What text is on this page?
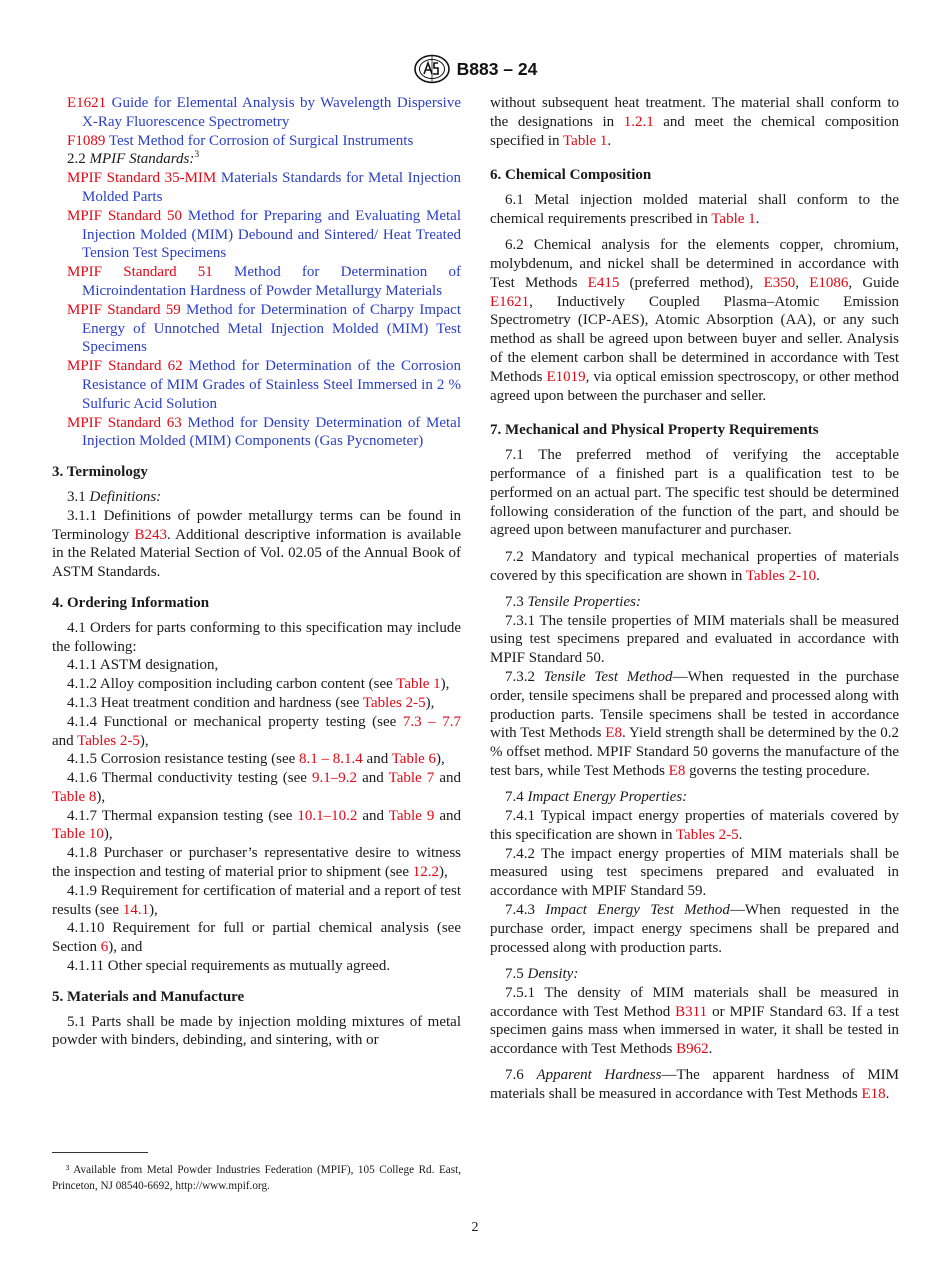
B883 – 24

E1621 Guide for Elemental Analysis by Wavelength Dispersive X-Ray Fluorescence Spectrometry

F1089 Test Method for Corrosion of Surgical Instruments

2.2 MPIF Standards:$^3$

MPIF Standard 35-MIM Materials Standards for Metal Injection Molded Parts

MPIF Standard 50 Method for Preparing and Evaluating Metal Injection Molded (MIM) Debound and Sintered/ Heat Treated Tension Test Specimens

MPIF Standard 51 Method for Determination of Microindentation Hardness of Powder Metallurgy Materials

MPIF Standard 59 Method for Determination of Charpy Impact Energy of Unnotched Metal Injection Molded (MIM) Test Specimens

MPIF Standard 62 Method for Determination of the Corrosion Resistance of MIM Grades of Stainless Steel Immersed in 2 % Sulfuric Acid Solution

MPIF Standard 63 Method for Density Determination of Metal Injection Molded (MIM) Components (Gas Pycnometer)

3. Terminology

3.1 Definitions:

3.1.1 Definitions of powder metallurgy terms can be found in Terminology B243. Additional descriptive information is available in the Related Material Section of Vol. 02.05 of the Annual Book of ASTM Standards.

4. Ordering Information

4.1 Orders for parts conforming to this specification may include the following:

4.1.1 ASTM designation,

4.1.2 Alloy composition including carbon content (see Table 1),

4.1.3 Heat treatment condition and hardness (see Tables 2-5),

4.1.4 Functional or mechanical property testing (see 7.3 – 7.7 and Tables 2-5),

4.1.5 Corrosion resistance testing (see 8.1 – 8.1.4 and Table 6),

4.1.6 Thermal conductivity testing (see 9.1–9.2 and Table 7 and Table 8),

4.1.7 Thermal expansion testing (see 10.1–10.2 and Table 9 and Table 10),

4.1.8 Purchaser or purchaser’s representative desire to witness the inspection and testing of material prior to shipment (see 12.2),

4.1.9 Requirement for certification of material and a report of test results (see 14.1),

4.1.10 Requirement for full or partial chemical analysis (see Section 6), and

4.1.11 Other special requirements as mutually agreed.

5. Materials and Manufacture

5.1 Parts shall be made by injection molding mixtures of metal powder with binders, debinding, and sintering, with or

without subsequent heat treatment. The material shall conform to the designations in 1.2.1 and meet the chemical composition specified in Table 1.

6. Chemical Composition

6.1 Metal injection molded material shall conform to the chemical requirements prescribed in Table 1.

6.2 Chemical analysis for the elements copper, chromium, molybdenum, and nickel shall be determined in accordance with Test Methods E415 (preferred method), E350, E1086, Guide E1621, Inductively Coupled Plasma–Atomic Emission Spectrometry (ICP-AES), Atomic Absorption (AA), or any such method as shall be agreed upon between buyer and seller. Analysis of the element carbon shall be determined in accordance with Test Methods E1019, via optical emission spectroscopy, or other method agreed upon between the purchaser and seller.

7. Mechanical and Physical Property Requirements

7.1 The preferred method of verifying the acceptable performance of a finished part is a qualification test to be performed on an actual part. The specific test should be determined following consideration of the function of the part, and should be agreed upon between manufacturer and purchaser.

7.2 Mandatory and typical mechanical properties of materials covered by this specification are shown in Tables 2-10.

7.3 Tensile Properties:

7.3.1 The tensile properties of MIM materials shall be measured using test specimens prepared and evaluated in accordance with MPIF Standard 50.

7.3.2 Tensile Test Method—When requested in the purchase order, tensile specimens shall be prepared and processed along with production parts. Tensile specimens shall be tested in accordance with Test Methods E8. Yield strength shall be determined by the 0.2 % offset method. MPIF Standard 50 governs the manufacture of the test bars, while Test Methods E8 governs the testing procedure.

7.4 Impact Energy Properties:

7.4.1 Typical impact energy properties of materials covered by this specification are shown in Tables 2-5.

7.4.2 The impact energy properties of MIM materials shall be measured using test specimens prepared and evaluated in accordance with MPIF Standard 59.

7.4.3 Impact Energy Test Method—When requested in the purchase order, impact energy specimens shall be prepared and processed along with production parts.

7.5 Density:

7.5.1 The density of MIM materials shall be measured in accordance with Test Method B311 or MPIF Standard 63. If a test specimen gains mass when immersed in water, it shall be tested in accordance with Test Methods B962.

7.6 Apparent Hardness—The apparent hardness of MIM materials shall be measured in accordance with Test Methods E18.

³ Available from Metal Powder Industries Federation (MPIF), 105 College Rd. East, Princeton, NJ 08540-6692, http://www.mpif.org.
2
